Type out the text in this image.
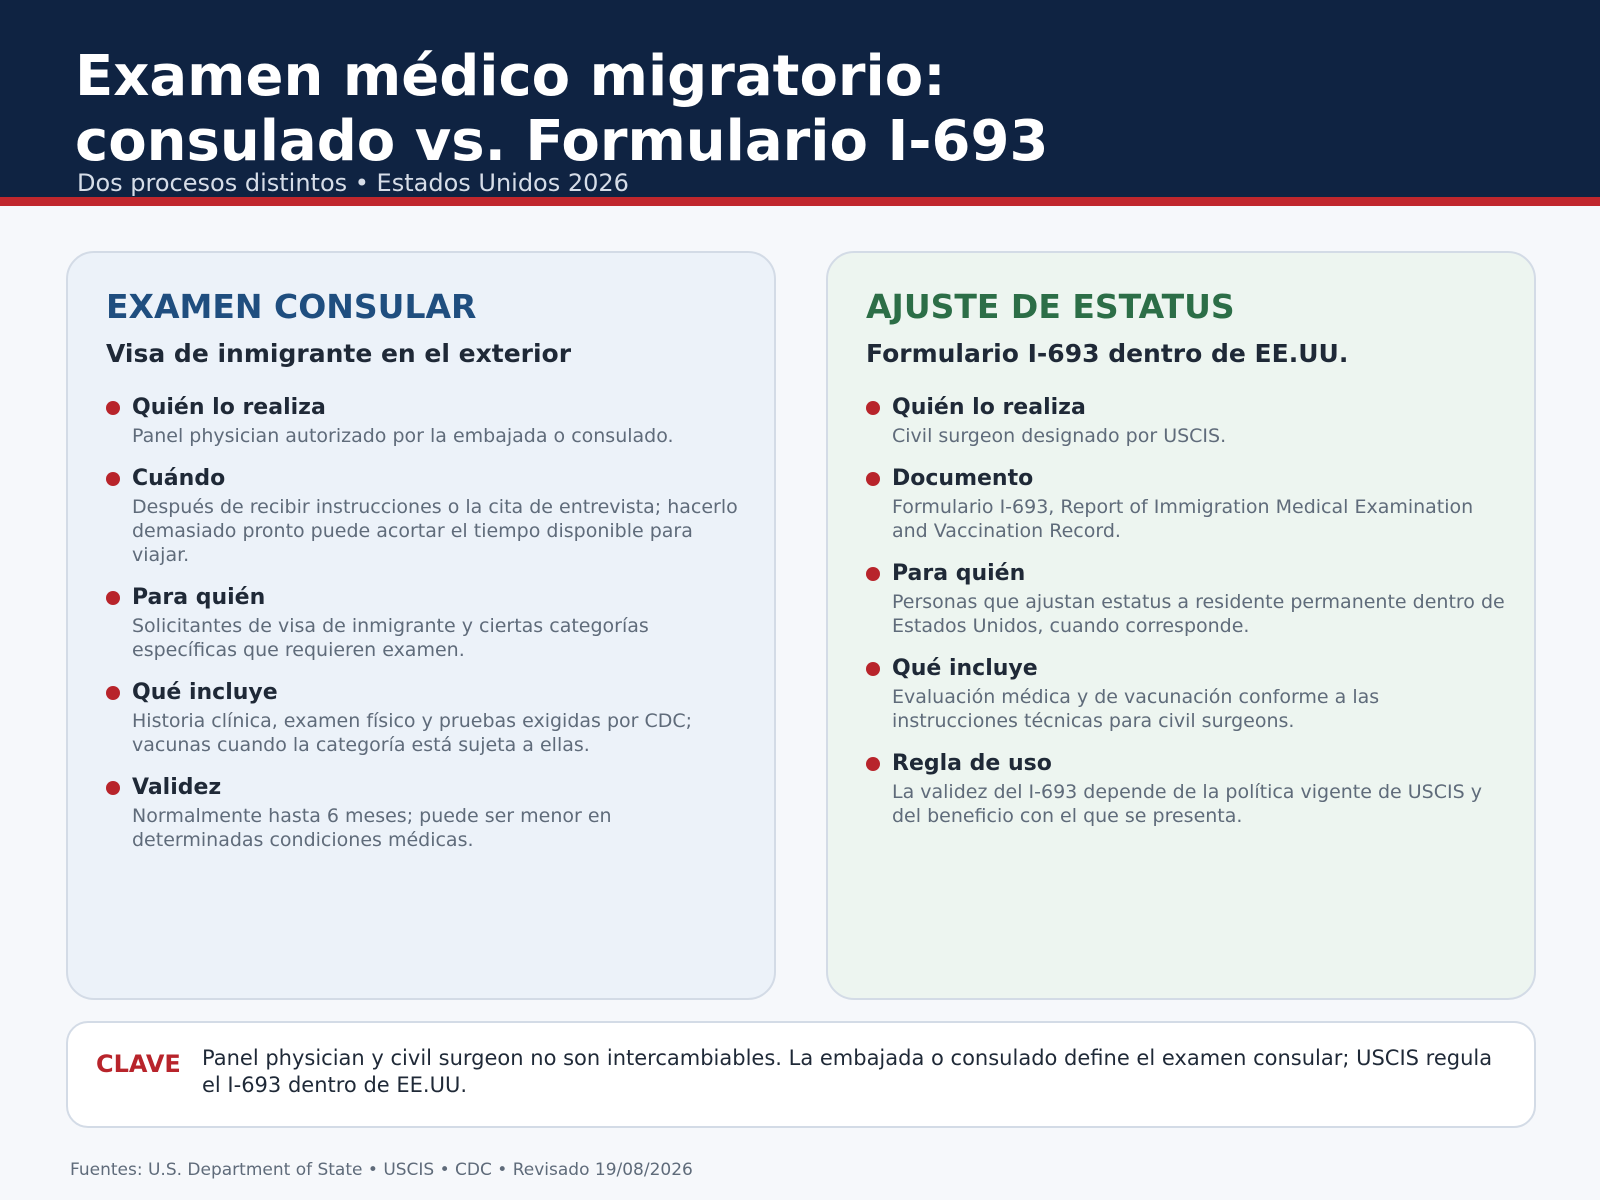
Examen médico migratorio:
consulado vs. Formulario I-693
Dos procesos distintos • Estados Unidos 2026
EXAMEN CONSULAR
Visa de inmigrante en el exterior
Quién lo realiza
Panel physician autorizado por la embajada o consulado.
Cuándo
Después de recibir instrucciones o la cita de entrevista; hacerlo demasiado pronto puede acortar el tiempo disponible para viajar.
Para quién
Solicitantes de visa de inmigrante y ciertas categorías específicas que requieren examen.
Qué incluye
Historia clínica, examen físico y pruebas exigidas por CDC; vacunas cuando la categoría está sujeta a ellas.
Validez
Normalmente hasta 6 meses; puede ser menor en determinadas condiciones médicas.
AJUSTE DE ESTATUS
Formulario I-693 dentro de EE.UU.
Quién lo realiza
Civil surgeon designado por USCIS.
Documento
Formulario I-693, Report of Immigration Medical Examination and Vaccination Record.
Para quién
Personas que ajustan estatus a residente permanente dentro de Estados Unidos, cuando corresponde.
Qué incluye
Evaluación médica y de vacunación conforme a las instrucciones técnicas para civil surgeons.
Regla de uso
La validez del I-693 depende de la política vigente de USCIS y del beneficio con el que se presenta.
CLAVE Panel physician y civil surgeon no son intercambiables. La embajada o consulado define el examen consular; USCIS regula el I-693 dentro de EE.UU.

Fuentes: U.S. Department of State • USCIS • CDC • Revisado 19/08/2026
